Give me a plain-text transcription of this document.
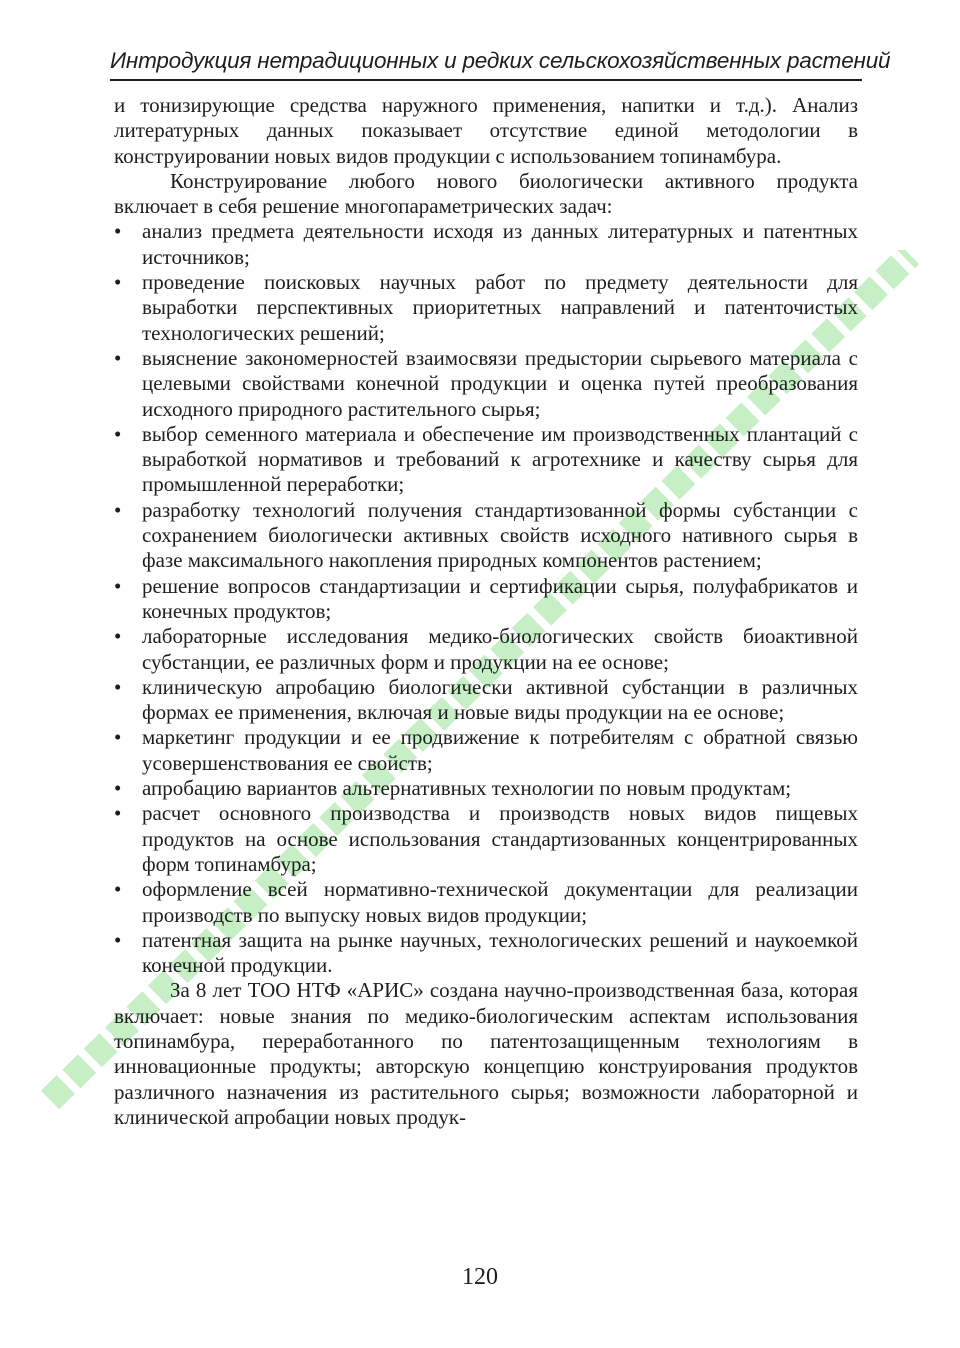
Интродукция нетрадиционных и редких сельскохозяйственных растений

и тонизирующие средства наружного применения, напитки и т.д.). Анализ литературных данных показывает отсутствие единой методологии в конструировании новых видов продукции с использованием топинамбура.

Конструирование любого нового биологически активного продукта включает в себя решение многопараметрических задач:

• анализ предмета деятельности исходя из данных литературных и патентных источников;
• проведение поисковых научных работ по предмету деятельности для выработки перспективных приоритетных направлений и патенточистых технологических решений;
• выяснение закономерностей взаимосвязи предыстории сырьевого материала с целевыми свойствами конечной продукции и оценка путей преобразования исходного природного растительного сырья;
• выбор семенного материала и обеспечение им производственных плантаций с выработкой нормативов и требований к агротехнике и качеству сырья для промышленной переработки;
• разработку технологий получения стандартизованной формы субстанции с сохранением биологически активных свойств исходного нативного сырья в фазе максимального накопления природных компонентов растением;
• решение вопросов стандартизации и сертификации сырья, полуфабрикатов и конечных продуктов;
• лабораторные исследования медико-биологических свойств биоактивной субстанции, ее различных форм и продукции на ее основе;
• клиническую апробацию биологически активной субстанции в различных формах ее применения, включая и новые виды продукции на ее основе;
• маркетинг продукции и ее продвижение к потребителям с обратной связью усовершенствования ее свойств;
• апробацию вариантов альтернативных технологии по новым продуктам;
• расчет основного производства и производств новых видов пищевых продуктов на основе использования стандартизованных концентрированных форм топинамбура;
• оформление всей нормативно-технической документации для реализации производств по выпуску новых видов продукции;
• патентная защита на рынке научных, технологических решений и наукоемкой конечной продукции.

За 8 лет ТОО НТФ «АРИС» создана научно-производственная база, которая включает: новые знания по медико-биологическим аспектам использования топинамбура, переработанного по патентозащищенным технологиям в инновационные продукты; авторскую концепцию конструирования продуктов различного назначения из растительного сырья; возможности лабораторной и клинической апробации новых продук-

120
